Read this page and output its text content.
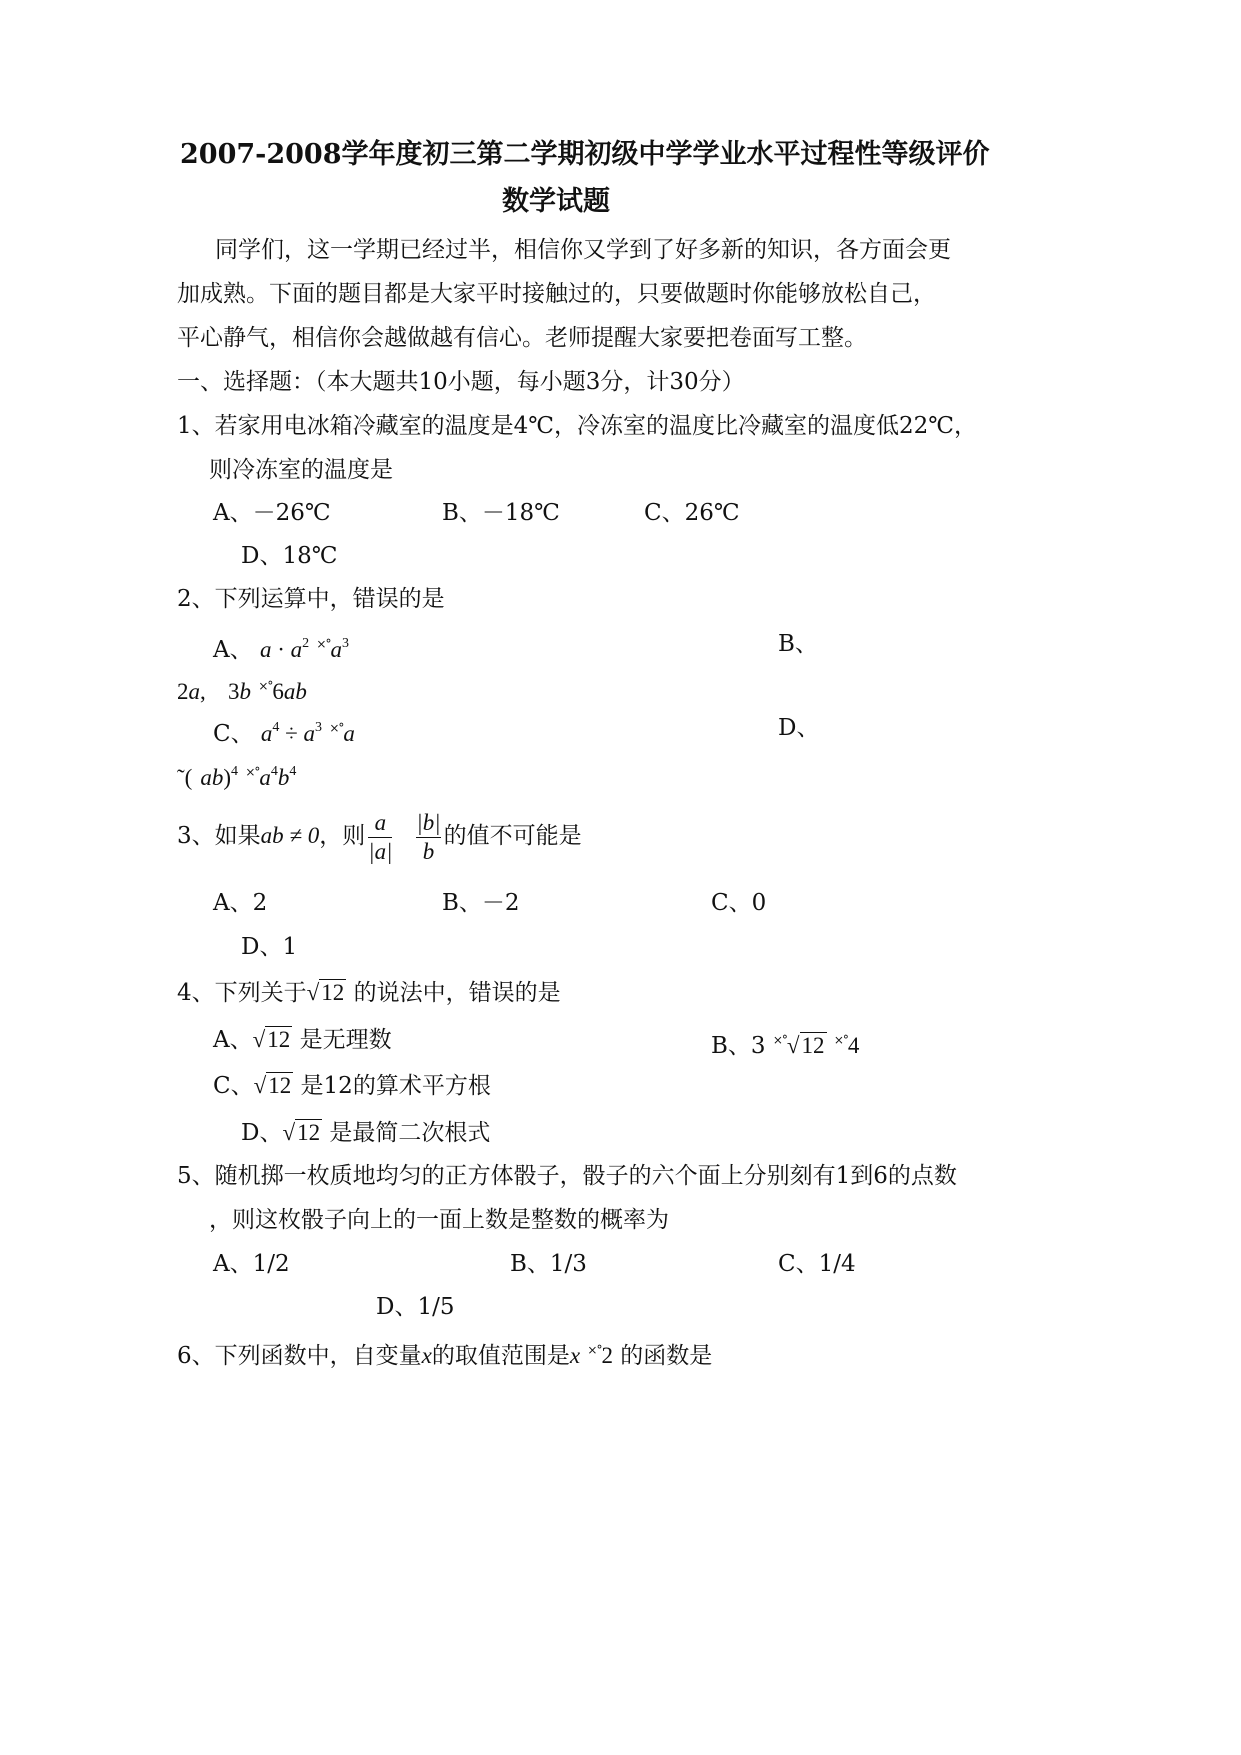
2007-2008学年度初三第二学期初级中学学业水平过程性等级评价
数学试题
同学们，这一学期已经过半，相信你又学到了好多新的知识，各方面会更
加成熟。下面的题目都是大家平时接触过的，只要做题时你能够放松自己，
平心静气，相信你会越做越有信心。老师提醒大家要把卷面写工整。
一、选择题：（本大题共10小题，每小题3分，计30分）
1、若家用电冰箱冷藏室的温度是4℃，冷冻室的温度比冷藏室的温度低22℃，
则冷冻室的温度是
A、－26℃	B、－18℃	C、26℃
D、18℃
2、下列运算中，错误的是
A、 $a \cdot a^2$ $^{\times^\circ}a^3$	B、
2a, 3b ×°6ab
C、 $a^4 \div a^3$ ×°a	D、
˜( ab)$^4$ $^{\times^\circ}a^4b^4$
3、如果ab ≠ 0，则 $\frac{a}{|a|} \frac{|b|}{b}$ 的值不可能是
A、2	B、－2	C、0
D、1
4、下列关于√12 的说法中，错误的是
A、√12 是无理数	B、3 ×°√12 ×°4
C、√12 是12的算术平方根
D、√12 是最简二次根式
5、随机掷一枚质地均匀的正方体骰子，骰子的六个面上分别刻有1到6的点数
，则这枚骰子向上的一面上数是整数的概率为
A、1/2	B、1/3	C、1/4
D、1/5
6、下列函数中，自变量x的取值范围是x ×°2 的函数是
